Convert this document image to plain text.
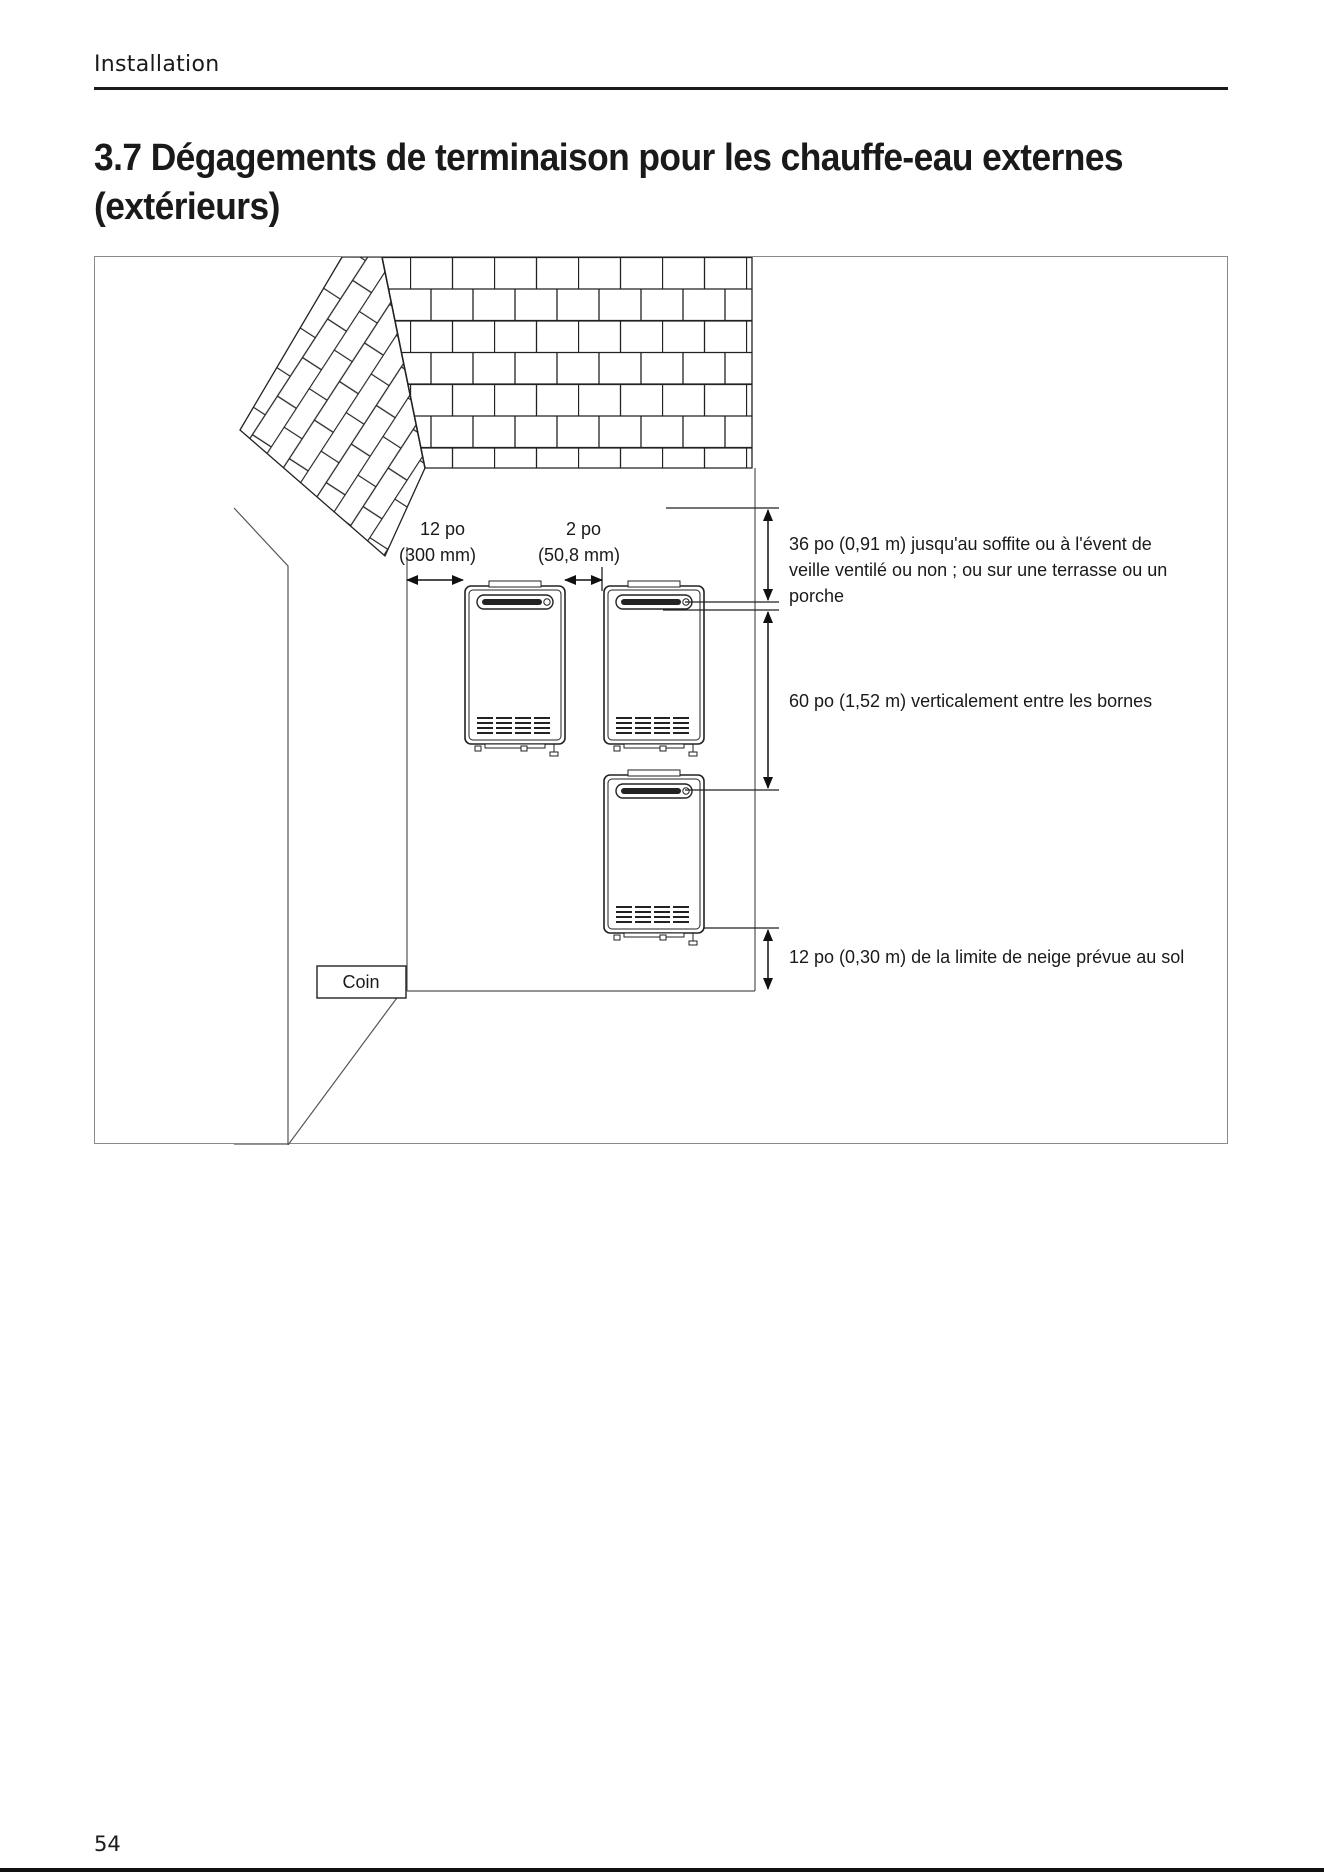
Installation
3.7 Dégagements de terminaison pour les chauffe-eau externes (extérieurs)
12 po
(300 mm)
2 po
(50,8 mm)
36 po (0,91 m) jusqu'au soffite ou à l'évent de
veille ventilé ou non ; ou sur une terrasse ou un
porche
60 po (1,52 m) verticalement entre les bornes
12 po (0,30 m) de la limite de neige prévue au sol
Coin
54
